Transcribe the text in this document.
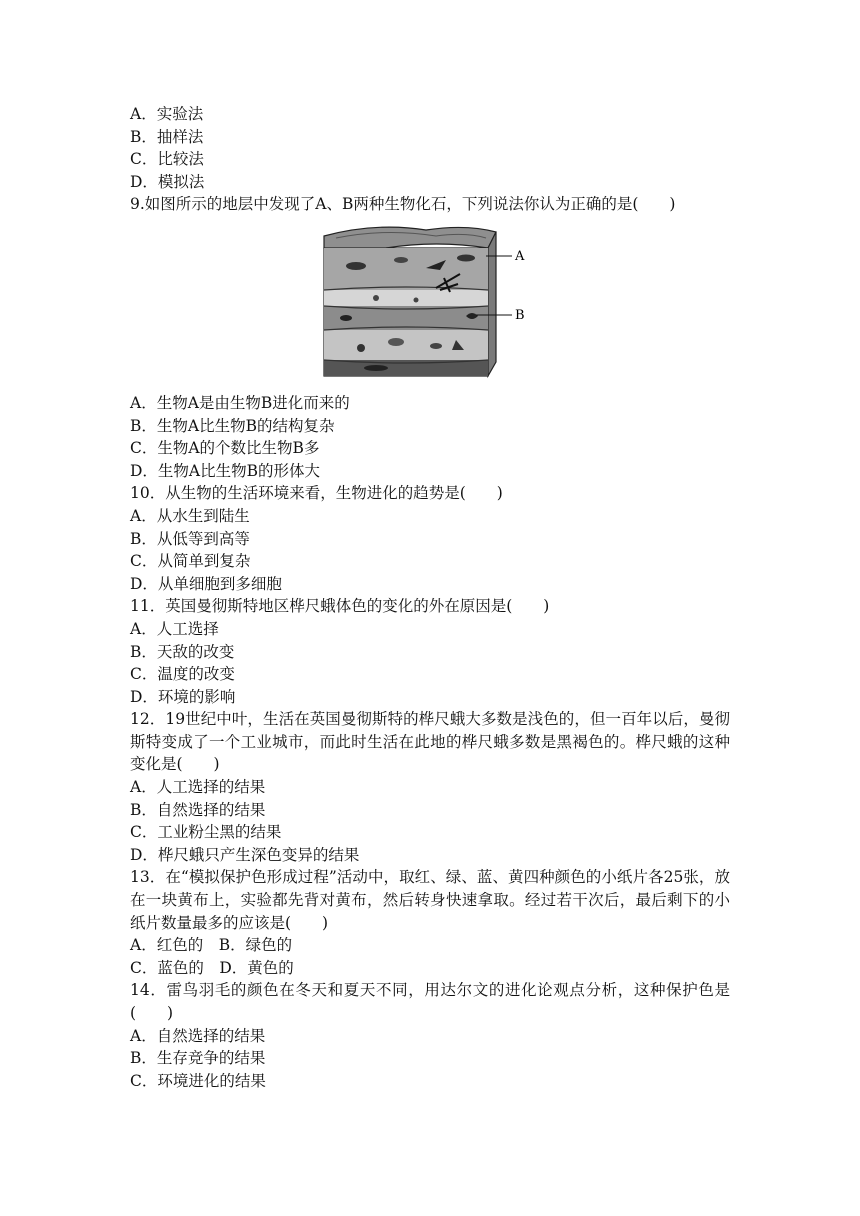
A．实验法
B．抽样法
C．比较法
D．模拟法
9.如图所示的地层中发现了A、B两种生物化石，下列说法你认为正确的是(　　)
A
B
A．生物A是由生物B进化而来的
B．生物A比生物B的结构复杂
C．生物A的个数比生物B多
D．生物A比生物B的形体大
10．从生物的生活环境来看，生物进化的趋势是(　　)
A．从水生到陆生
B．从低等到高等
C．从简单到复杂
D．从单细胞到多细胞
11．英国曼彻斯特地区桦尺蛾体色的变化的外在原因是(　　)
A．人工选择
B．天敌的改变
C．温度的改变
D．环境的影响
12．19世纪中叶，生活在英国曼彻斯特的桦尺蛾大多数是浅色的，但一百年以后，曼彻斯特变成了一个工业城市，而此时生活在此地的桦尺蛾多数是黑褐色的。桦尺蛾的这种变化是(　　)
A．人工选择的结果
B．自然选择的结果
C．工业粉尘黑的结果
D．桦尺蛾只产生深色变异的结果
13．在“模拟保护色形成过程”活动中，取红、绿、蓝、黄四种颜色的小纸片各25张，放在一块黄布上，实验都先背对黄布，然后转身快速拿取。经过若干次后，最后剩下的小纸片数量最多的应该是(　　)
A．红色的　B．绿色的
C．蓝色的　D．黄色的
14．雷鸟羽毛的颜色在冬天和夏天不同，用达尔文的进化论观点分析，这种保护色是(　　)
A．自然选择的结果
B．生存竞争的结果
C．环境进化的结果
